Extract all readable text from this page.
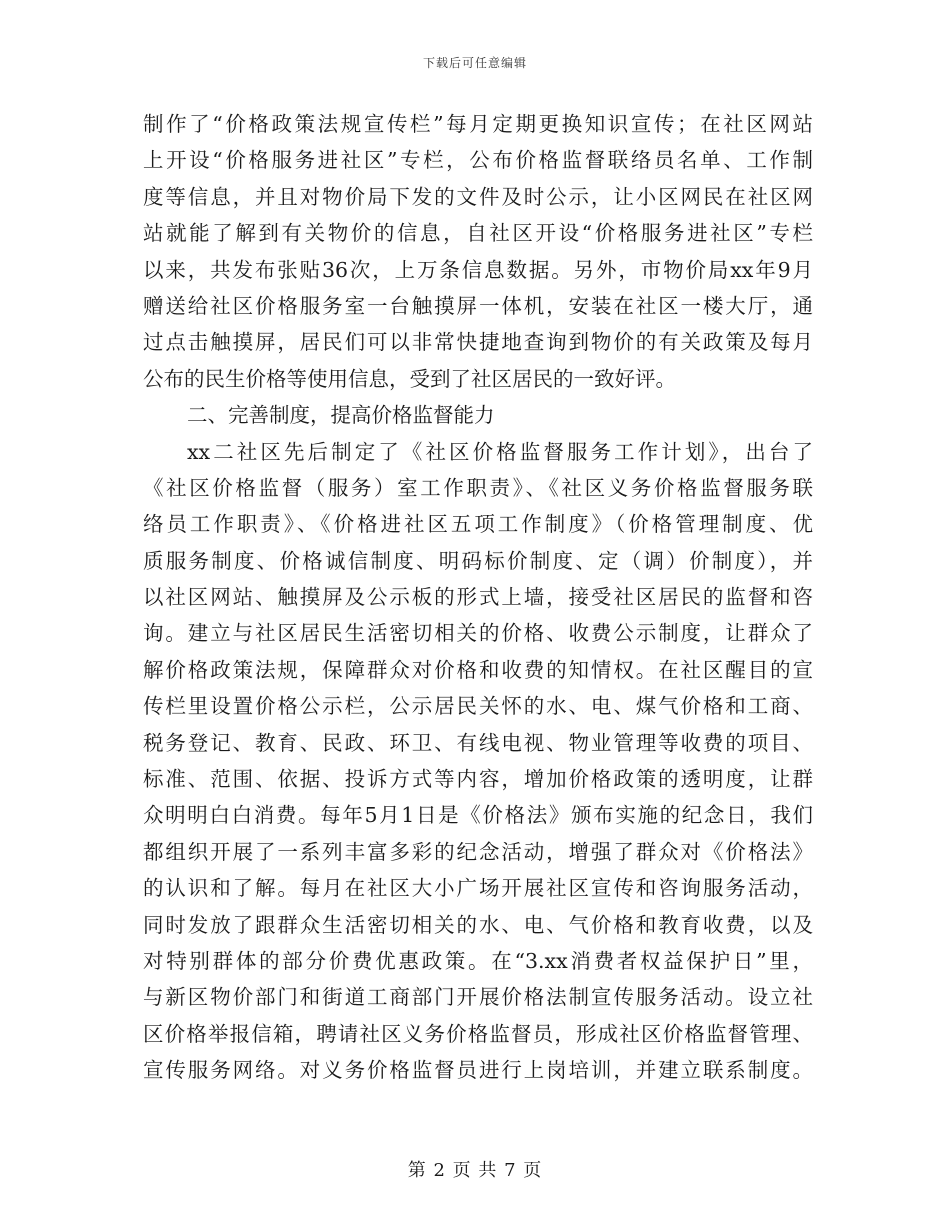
下载后可任意编辑
制作了“价格政策法规宣传栏”每月定期更换知识宣传；在社区网站
上开设“价格服务进社区”专栏，公布价格监督联络员名单、工作制
度等信息，并且对物价局下发的文件及时公示，让小区网民在社区网
站就能了解到有关物价的信息，自社区开设“价格服务进社区”专栏
以来，共发布张贴36次，上万条信息数据。另外，市物价局xx年9月
赠送给社区价格服务室一台触摸屏一体机，安装在社区一楼大厅，通
过点击触摸屏，居民们可以非常快捷地查询到物价的有关政策及每月
公布的民生价格等使用信息，受到了社区居民的一致好评。
二、完善制度，提高价格监督能力
xx二社区先后制定了《社区价格监督服务工作计划》，出台了
《社区价格监督（服务）室工作职责》、《社区义务价格监督服务联
络员工作职责》、《价格进社区五项工作制度》（价格管理制度、优
质服务制度、价格诚信制度、明码标价制度、定（调）价制度），并
以社区网站、触摸屏及公示板的形式上墙，接受社区居民的监督和咨
询。建立与社区居民生活密切相关的价格、收费公示制度，让群众了
解价格政策法规，保障群众对价格和收费的知情权。在社区醒目的宣
传栏里设置价格公示栏，公示居民关怀的水、电、煤气价格和工商、
税务登记、教育、民政、环卫、有线电视、物业管理等收费的项目、
标准、范围、依据、投诉方式等内容，增加价格政策的透明度，让群
众明明白白消费。每年5月1日是《价格法》颁布实施的纪念日，我们
都组织开展了一系列丰富多彩的纪念活动，增强了群众对《价格法》
的认识和了解。每月在社区大小广场开展社区宣传和咨询服务活动，
同时发放了跟群众生活密切相关的水、电、气价格和教育收费，以及
对特别群体的部分价费优惠政策。在“3.xx消费者权益保护日”里，
与新区物价部门和街道工商部门开展价格法制宣传服务活动。设立社
区价格举报信箱，聘请社区义务价格监督员，形成社区价格监督管理、
宣传服务网络。对义务价格监督员进行上岗培训，并建立联系制度。
第 2 页 共 7 页
